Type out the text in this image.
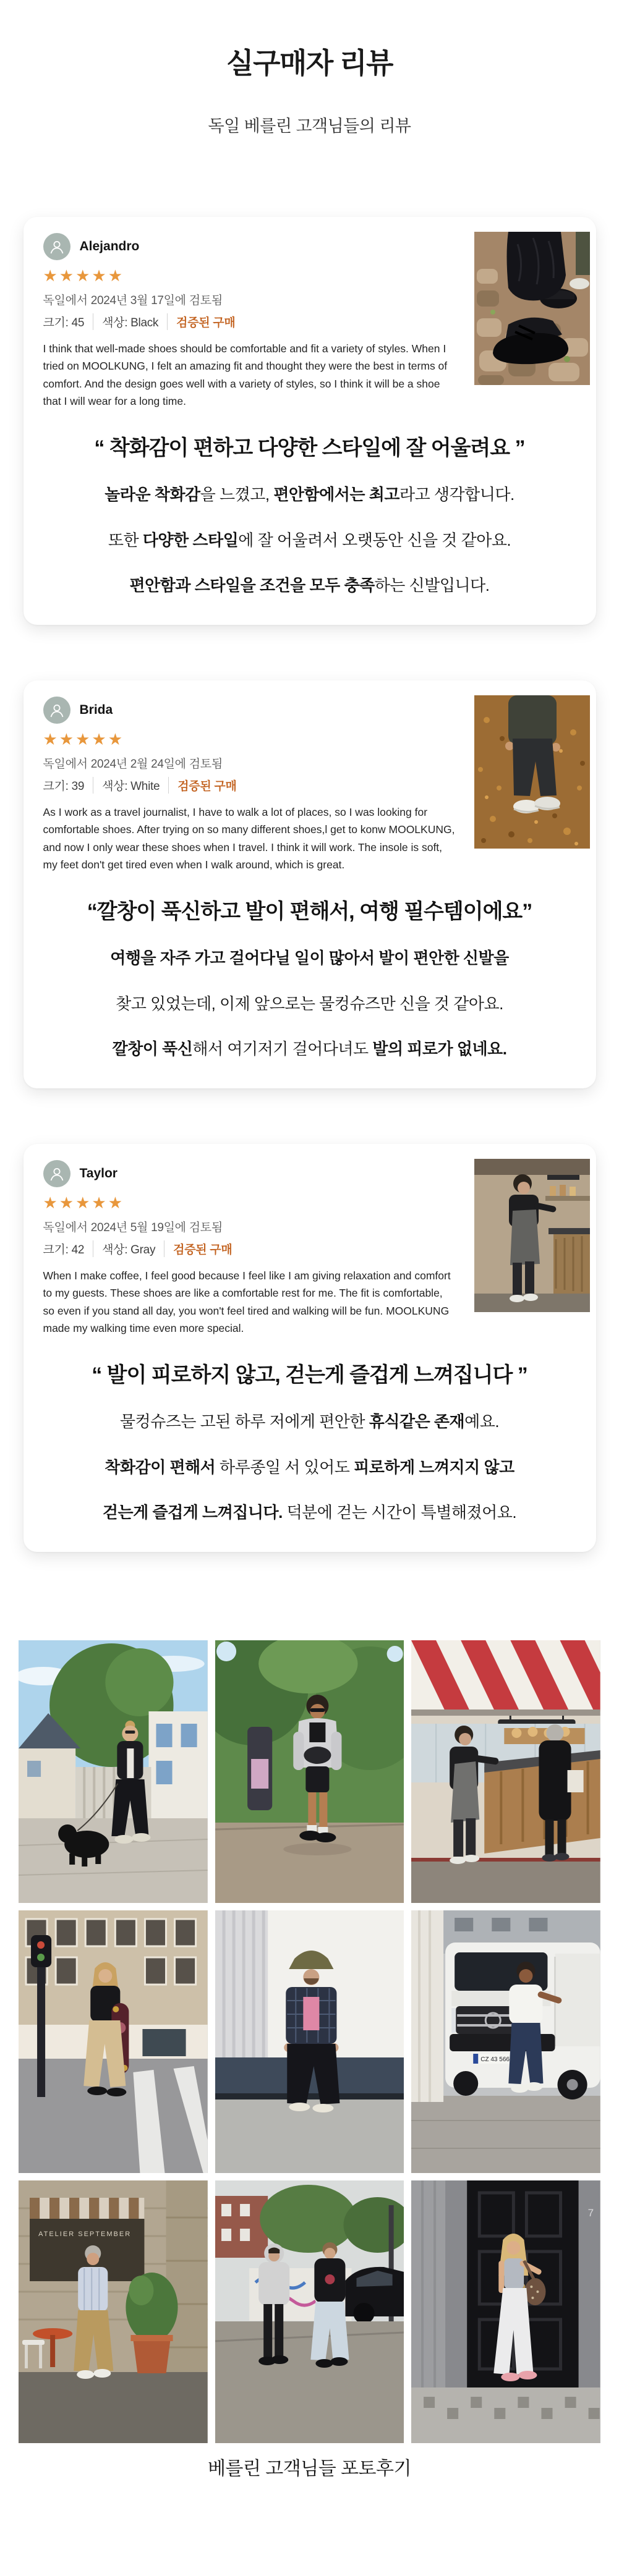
실구매자 리뷰

독일 베를린 고객님들의 리뷰

Alejandro
★★★★★
독일에서 2024년 3월 17일에 검토됨
크기: 45	색상: Black	검증된 구매

I think that well-made shoes should be comfortable and fit a variety of styles. When I tried on MOOLKUNG, I felt an amazing fit and thought they were the best in terms of comfort. And the design goes well with a variety of styles, so I think it will be a shoe that I will wear for a long time.

“ 착화감이 편하고 다양한 스타일에 잘 어울려요 ”

놀라운 착화감을 느꼈고, 편안함에서는 최고라고 생각합니다.

또한 다양한 스타일에 잘 어울려서 오랫동안 신을 것 같아요.

편안함과 스타일을 조건을 모두 충족하는 신발입니다.

Brida
★★★★★
독일에서 2024년 2월 24일에 검토됨
크기: 39	색상: White	검증된 구매

As I work as a travel journalist, I have to walk a lot of places, so I was looking for comfortable shoes. After trying on so many different shoes,l get to konw MOOLKUNG, and now I only wear these shoes when I travel. I think it will work. The insole is soft, my feet don't get tired even when I walk around, which is great.

“깔창이 푹신하고 발이 편해서, 여행 필수템이에요”

여행을 자주 가고 걸어다닐 일이 많아서 발이 편안한 신발을

찾고 있었는데, 이제 앞으로는 물컹슈즈만 신을 것 같아요.

깔창이 푹신해서 여기저기 걸어다녀도 발의 피로가 없네요.

Taylor
★★★★★
독일에서 2024년 5월 19일에 검토됨
크기: 42	색상: Gray	검증된 구매

When I make coffee, I feel good because I feel like I am giving relaxation and comfort to my guests. These shoes are like a comfortable rest for me. The fit is comfortable, so even if you stand all day, you won't feel tired and walking will be fun. MOOLKUNG made my walking time even more special.

“ 발이 피로하지 않고, 걷는게 즐겁게 느껴집니다 ”

물컹슈즈는 고된 하루 저에게 편안한 휴식같은 존재예요.

착화감이 편해서 하루종일 서 있어도 피로하게 느껴지지 않고

걷는게 즐겁게 느껴집니다. 덕분에 걷는 시간이 특별해졌어요.

CZ 43 566
ATELIER SEPTEMBER
7

베를린 고객님들 포토후기
